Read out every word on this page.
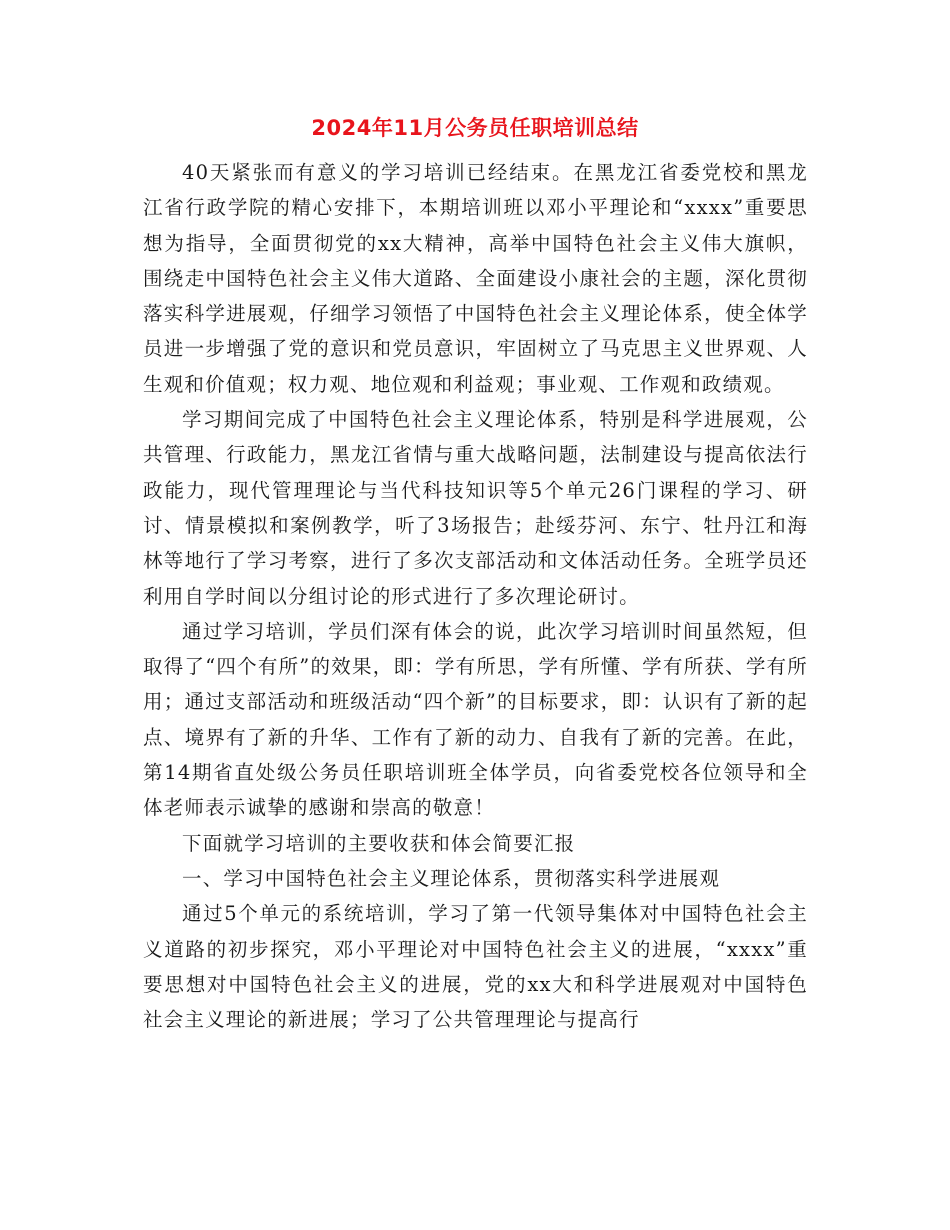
2024年11月公务员任职培训总结

40天紧张而有意义的学习培训已经结束。在黑龙江省委党校和黑龙江省行政学院的精心安排下，本期培训班以邓小平理论和“xxxx”重要思想为指导，全面贯彻党的xx大精神，高举中国特色社会主义伟大旗帜，围绕走中国特色社会主义伟大道路、全面建设小康社会的主题，深化贯彻落实科学进展观，仔细学习领悟了中国特色社会主义理论体系，使全体学员进一步增强了党的意识和党员意识，牢固树立了马克思主义世界观、人生观和价值观；权力观、地位观和利益观；事业观、工作观和政绩观。

学习期间完成了中国特色社会主义理论体系，特别是科学进展观，公共管理、行政能力，黑龙江省情与重大战略问题，法制建设与提高依法行政能力，现代管理理论与当代科技知识等5个单元26门课程的学习、研讨、情景模拟和案例教学，听了3场报告；赴绥芬河、东宁、牡丹江和海林等地行了学习考察，进行了多次支部活动和文体活动任务。全班学员还利用自学时间以分组讨论的形式进行了多次理论研讨。

通过学习培训，学员们深有体会的说，此次学习培训时间虽然短，但取得了“四个有所”的效果，即：学有所思，学有所懂、学有所获、学有所用；通过支部活动和班级活动“四个新”的目标要求，即：认识有了新的起点、境界有了新的升华、工作有了新的动力、自我有了新的完善。在此，第14期省直处级公务员任职培训班全体学员，向省委党校各位领导和全体老师表示诚挚的感谢和崇高的敬意！

下面就学习培训的主要收获和体会简要汇报

一、学习中国特色社会主义理论体系，贯彻落实科学进展观

通过5个单元的系统培训，学习了第一代领导集体对中国特色社会主义道路的初步探究，邓小平理论对中国特色社会主义的进展，“xxxx”重要思想对中国特色社会主义的进展，党的xx大和科学进展观对中国特色社会主义理论的新进展；学习了公共管理理论与提高行
